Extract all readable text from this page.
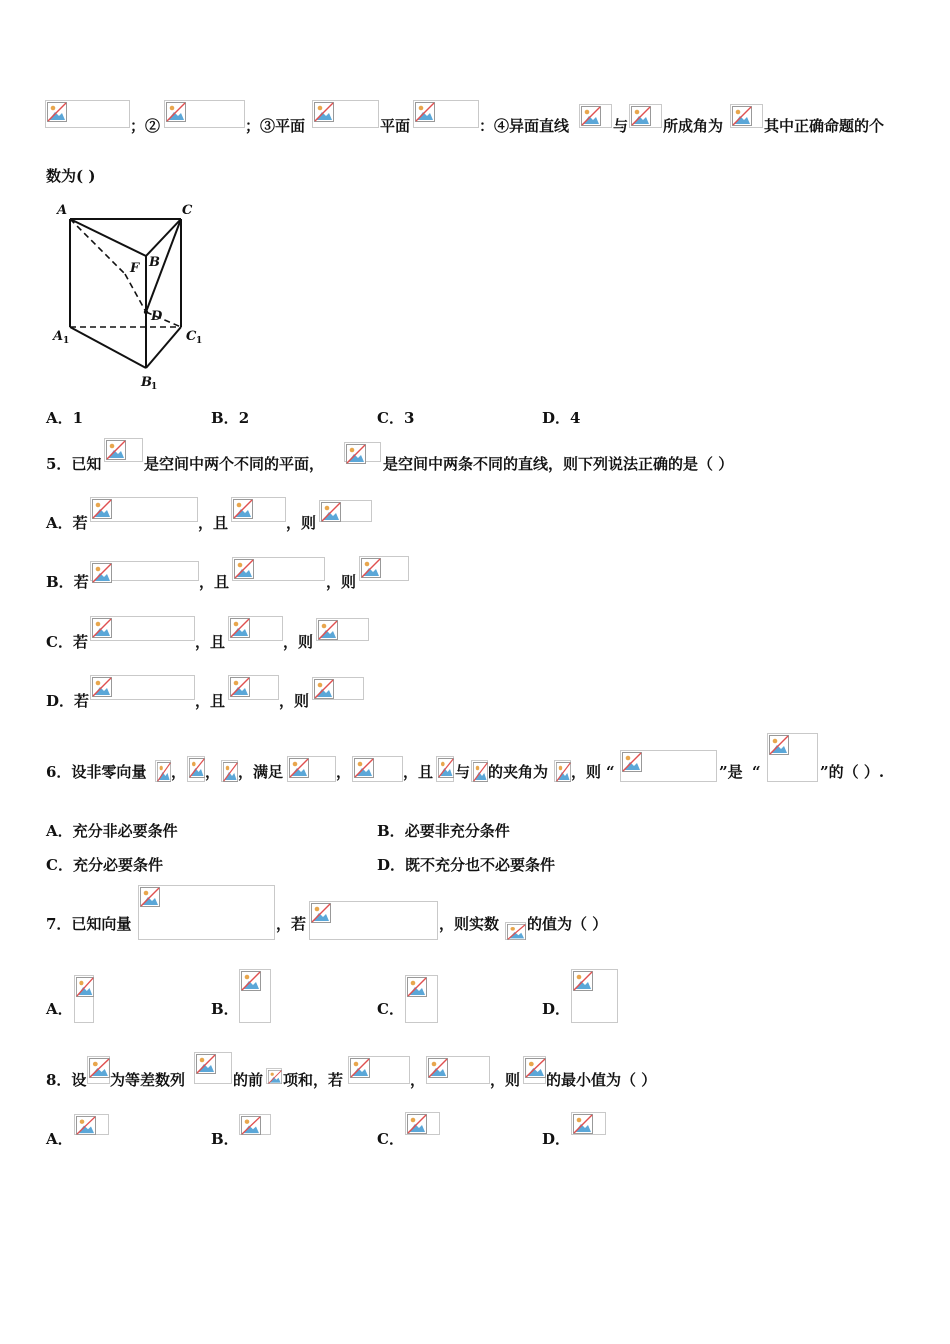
；②	；③平面	平面	：④异面直线	与 所成角为	其中正确命题的个
数为( )
A	C
B
F
D
A 1	C 1
B 1
A．1	B．2	C．3	D．4
5．已知	是空间中两个不同的平面，	是空间中两条不同的直线，则下列说法正确的是（ ）
A．若	，且	，则
B．若	，且	，则
C．若	，且	，则
D．若	，且	，则
6．设非零向量 ， ， ，满足	，	，且 与 的夹角为 ，则 “	”是 “	”的（ ）.
A．充分非必要条件	B．必要非充分条件
C．充分必要条件	D．既不充分也不必要条件
7．已知向量	，若	，则实数 的值为（ ）
A．	B．	C．	D．
8．设 为等差数列	的前 项和，若	，	，则 的最小值为（ ）
A．	B．	C．	D．
